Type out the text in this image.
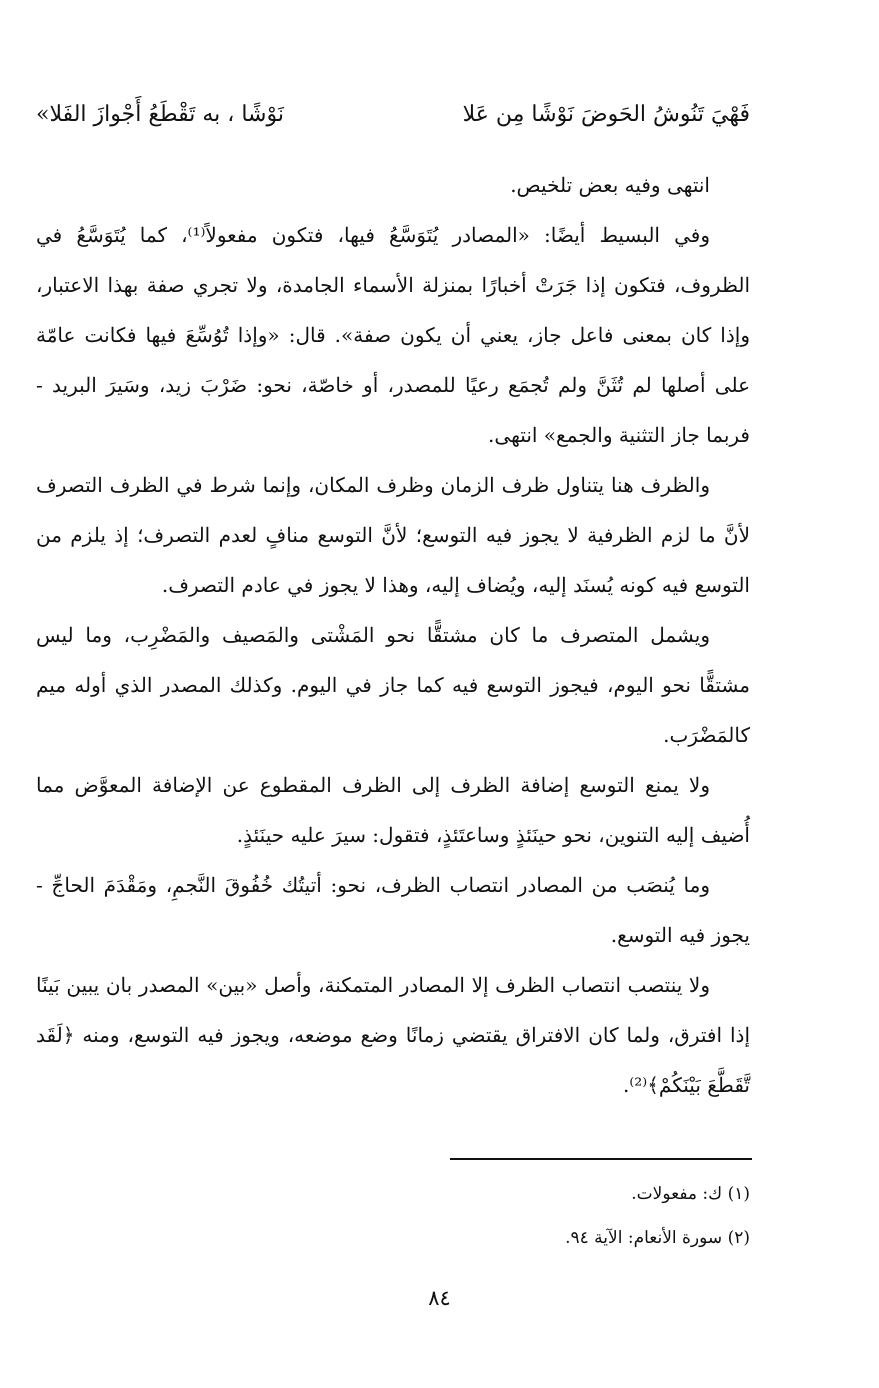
فَهْيَ تَنُوشُ الحَوضَ نَوْشًا مِن عَلا
نَوْشًا ، به تَقْطَعُ أَجْوازَ الفَلا»

انتهى وفيه بعض تلخيص.

وفي البسيط أيضًا: «المصادر يُتَوَسَّعُ فيها، فتكون مفعولاً⁽¹⁾، كما يُتَوَسَّعُ في الظروف، فتكون إذا جَرَتْ أخبارًا بمنزلة الأسماء الجامدة، ولا تجري صفة بهذا الاعتبار، وإذا كان بمعنى فاعل جاز، يعني أن يكون صفة». قال: «وإذا تُوُسِّعَ فيها فكانت عامّة على أصلها لم تُثَنَّ ولم تُجمَع رعيًا للمصدر، أو خاصّة، نحو: ضَرْبَ زيد، وسَيرَ البريد - فربما جاز التثنية والجمع» انتهى.

والظرف هنا يتناول ظرف الزمان وظرف المكان، وإنما شرط في الظرف التصرف لأنَّ ما لزم الظرفية لا يجوز فيه التوسع؛ لأنَّ التوسع منافٍ لعدم التصرف؛ إذ يلزم من التوسع فيه كونه يُسنَد إليه، ويُضاف إليه، وهذا لا يجوز في عادم التصرف.

ويشمل المتصرف ما كان مشتقًّا نحو المَشْتى والمَصيف والمَضْرِب، وما ليس مشتقًّا نحو اليوم، فيجوز التوسع فيه كما جاز في اليوم. وكذلك المصدر الذي أوله ميم كالمَضْرَب.

ولا يمنع التوسع إضافة الظرف إلى الظرف المقطوع عن الإضافة المعوَّض مما أُضيف إليه التنوين، نحو حينَئذٍ وساعتَئذٍ، فتقول: سيرَ عليه حينَئذٍ.

وما يُنصَب من المصادر انتصاب الظرف، نحو: أتيتُك خُفُوقَ النَّجمِ، ومَقْدَمَ الحاجِّ - يجوز فيه التوسع.

ولا ينتصب انتصاب الظرف إلا المصادر المتمكنة، وأصل «بين» المصدر بان يبين بَينًا إذا افترق، ولما كان الافتراق يقتضي زمانًا وضع موضعه، ويجوز فيه التوسع، ومنه ﴿لَقَد تَّقَطَّعَ بَيْنَكُمْ﴾⁽²⁾.

(١) ك: مفعولات.
(٢) سورة الأنعام: الآية ٩٤.
٨٤
